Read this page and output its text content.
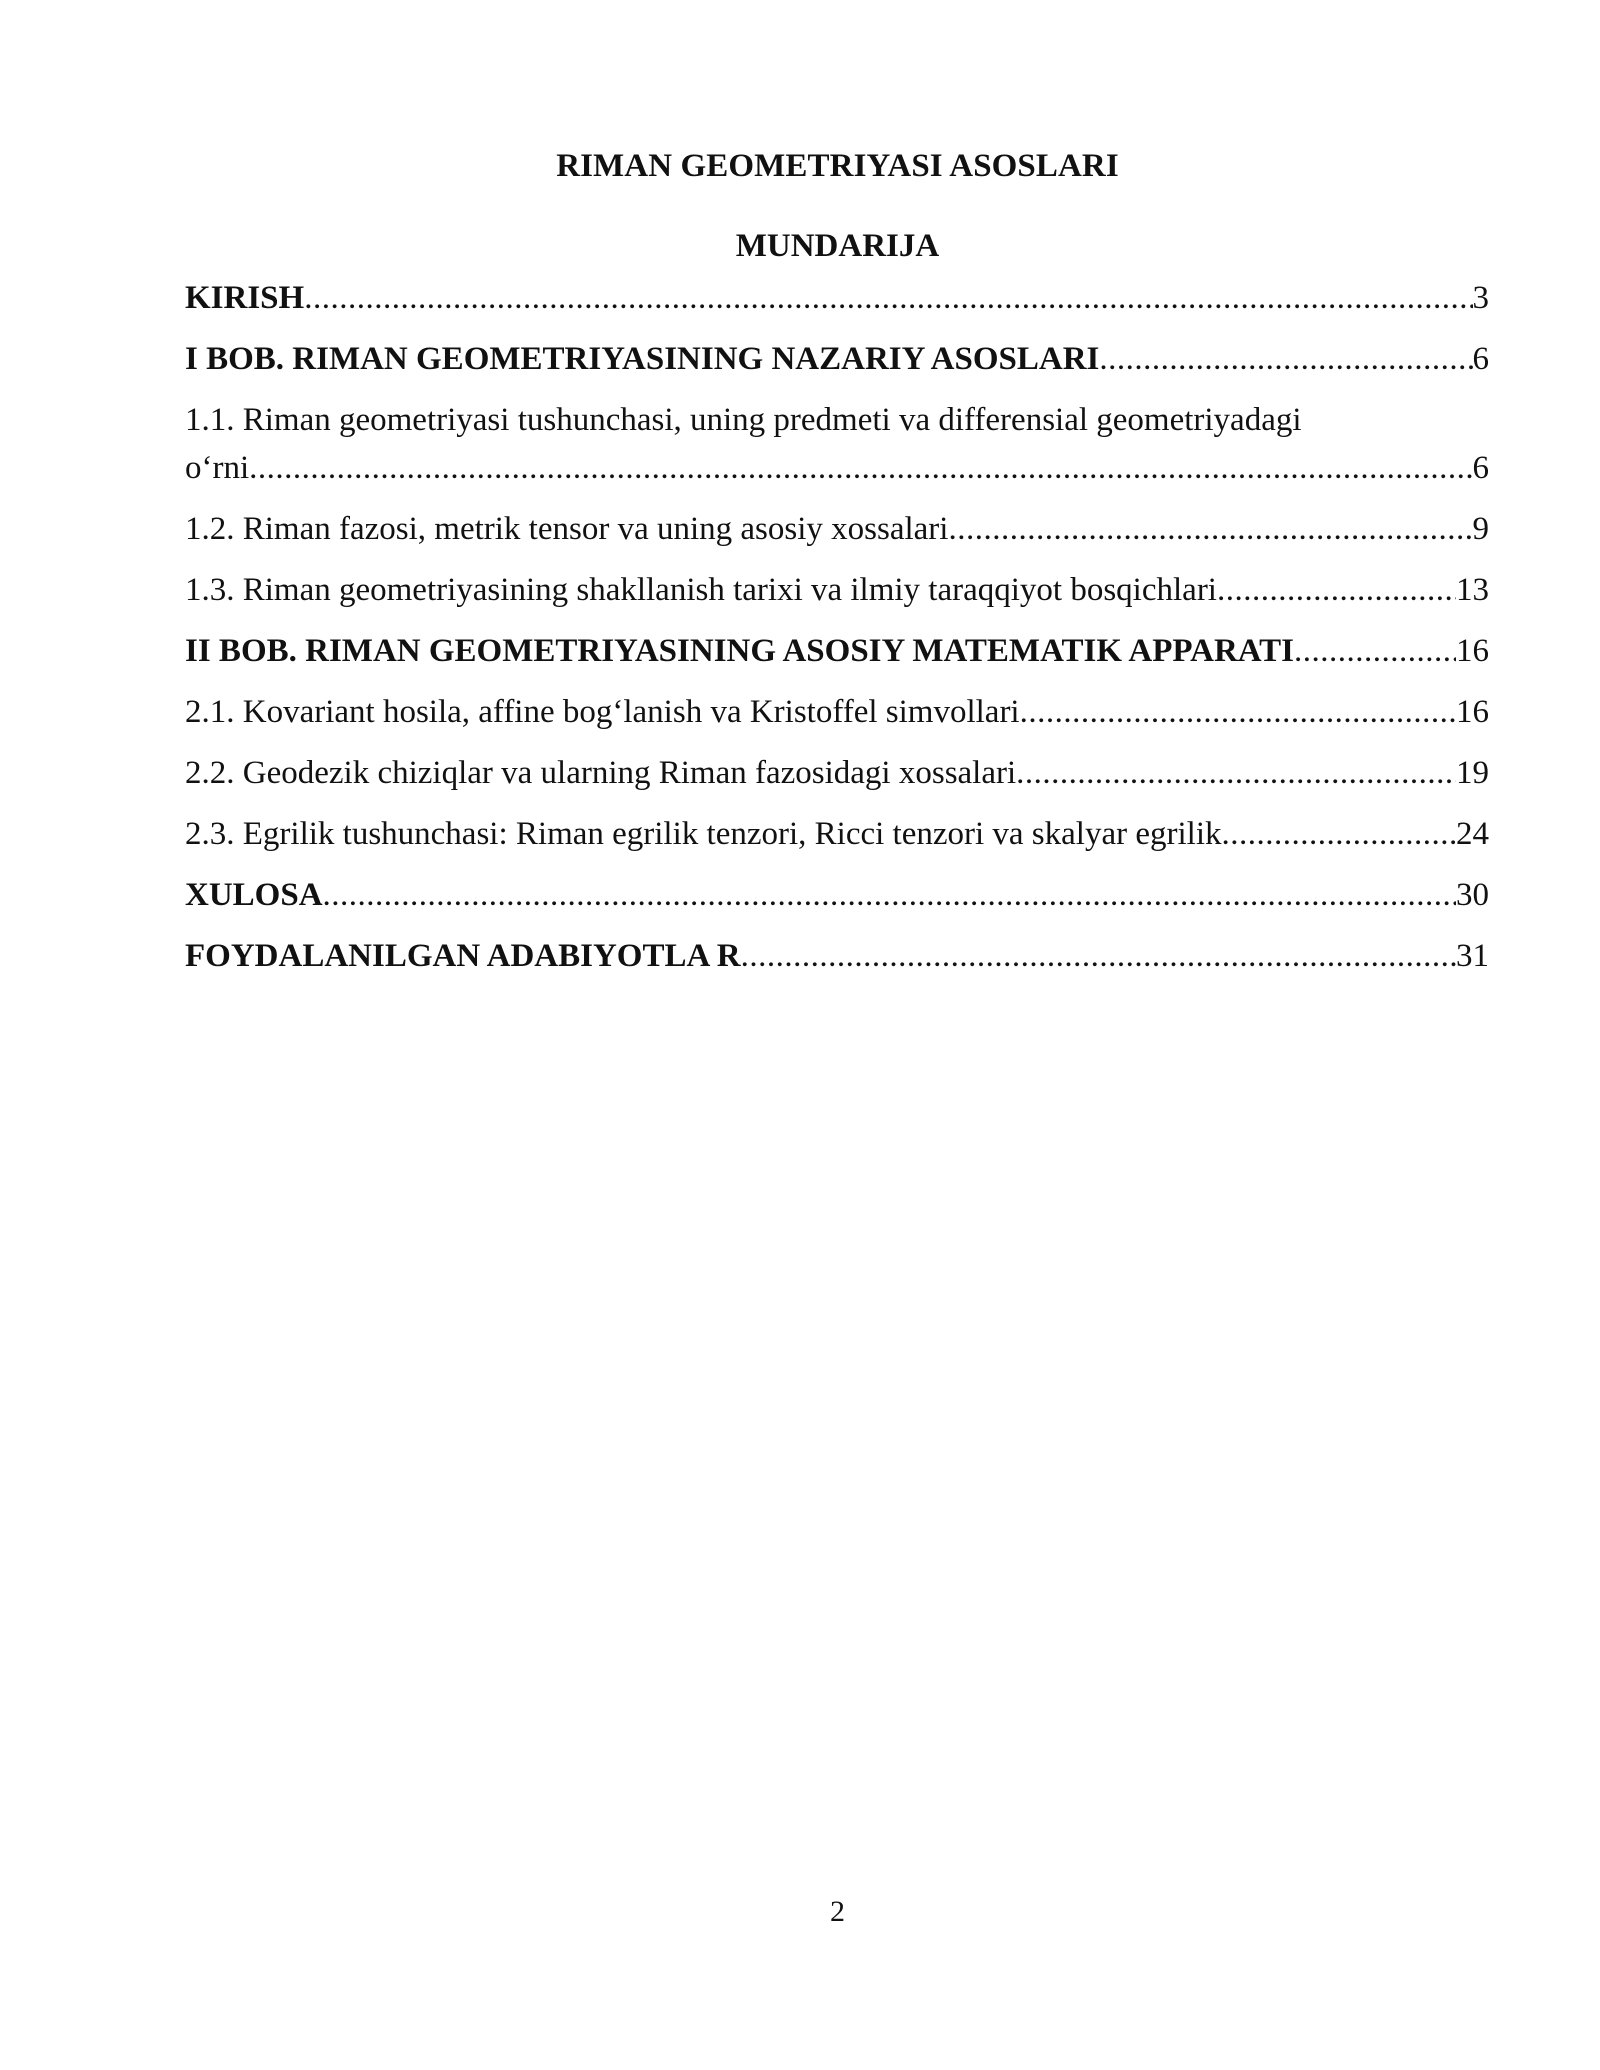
RIMAN GEOMETRIYASI ASOSLARI
MUNDARIJA
KIRISH .....	3
I BOB. RIMAN GEOMETRIYASINING NAZARIY ASOSLARI .....	6
1.1. Riman geometriyasi tushunchasi, uning predmeti va differensial geometriyadagi
o‘rni .....	6
1.2. Riman fazosi, metrik tensor va uning asosiy xossalari .....	9
1.3. Riman geometriyasining shakllanish tarixi va ilmiy taraqqiyot bosqichlari .....	13
II BOB. RIMAN GEOMETRIYASINING ASOSIY MATEMATIK APPARATI .....	16
2.1. Kovariant hosila, affine bog‘lanish va Kristoffel simvollari .....	16
2.2. Geodezik chiziqlar va ularning Riman fazosidagi xossalari .....	19
2.3. Egrilik tushunchasi: Riman egrilik tenzori, Ricci tenzori va skalyar egrilik .....	24
XULOSA .....	30
FOYDALANILGAN ADABIYOTLA R .....	31
2
